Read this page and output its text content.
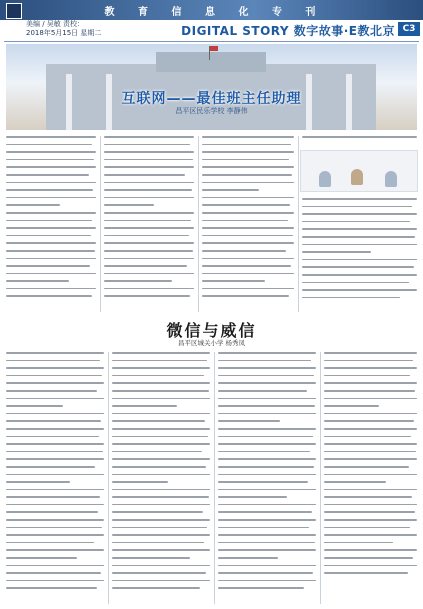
教 育 信 息 化 专 刊
美编 / 吴敏 责校：
2018年5月15日 星期二	DIGITAL STORY 数字故事·E教北京 C3
互联网——最佳班主任助理
昌平区民乐学校 李静伟
微信与威信
昌平区城关小学 杨秀凤
